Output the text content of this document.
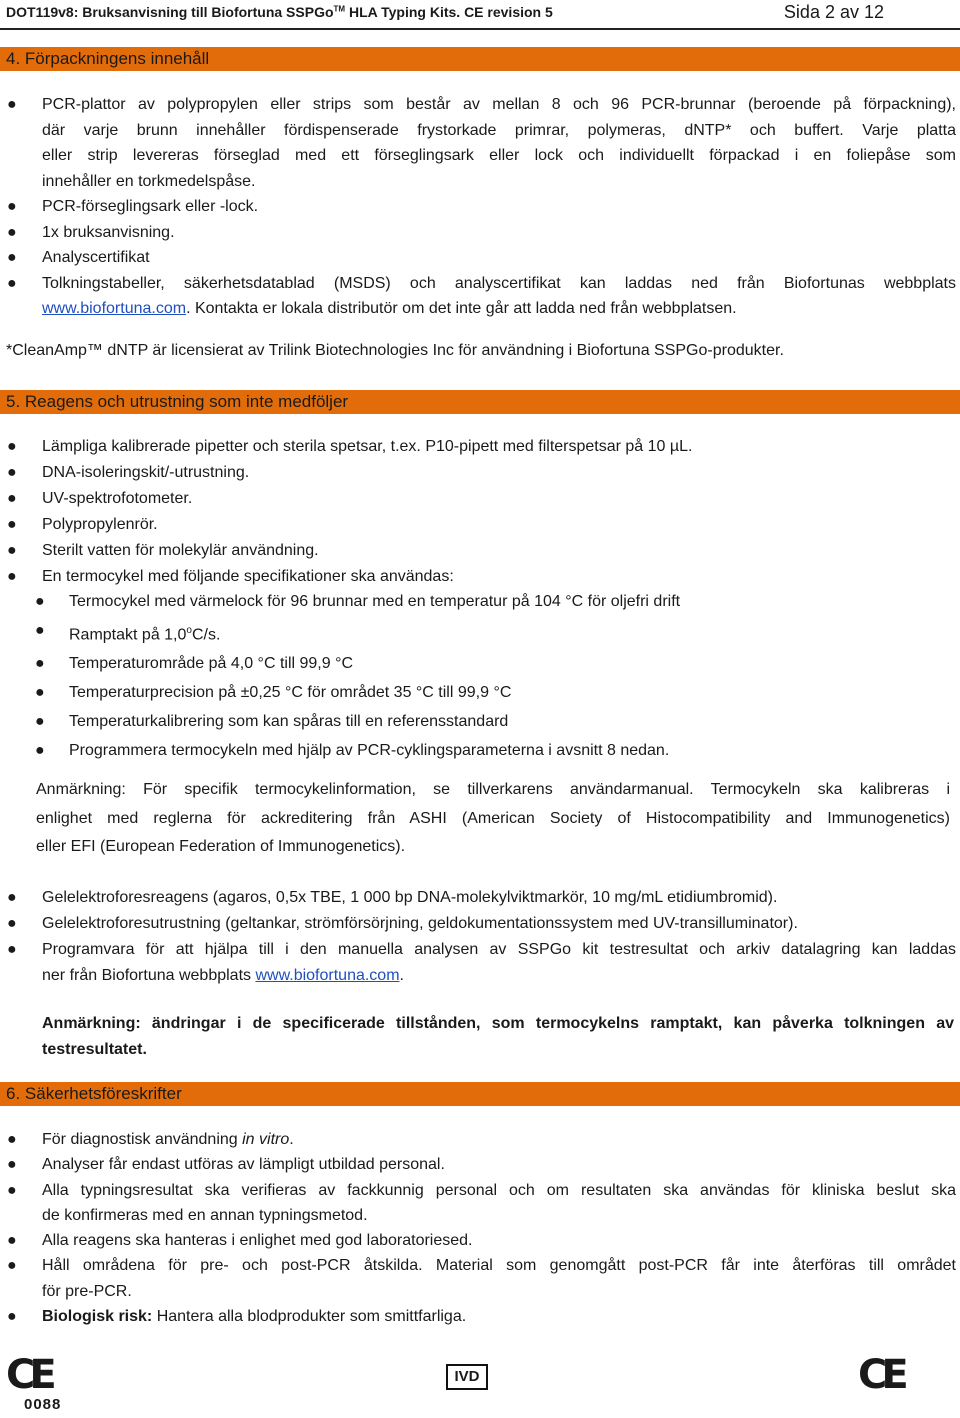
DOT119v8: Bruksanvisning till Biofortuna SSPGo™ HLA Typing Kits. CE revision 5	Sida 2 av 12
4. Förpackningens innehåll
● PCR-plattor av polypropylen eller strips som består av mellan 8 och 96 PCR-brunnar (beroende på förpackning),
där varje brunn innehåller fördispenserade frystorkade primrar, polymeras, dNTP* och buffert. Varje platta
eller strip levereras förseglad med ett förseglingsark eller lock och individuellt förpackad i en foliepåse som
innehåller en torkmedelspåse.
● PCR-förseglingsark eller -lock.
● 1x bruksanvisning.
● Analyscertifikat
● Tolkningstabeller, säkerhetsdatablad (MSDS) och analyscertifikat kan laddas ned från Biofortunas webbplats
www.biofortuna.com. Kontakta er lokala distributör om det inte går att ladda ned från webbplatsen.
*CleanAmp™ dNTP är licensierat av Trilink Biotechnologies Inc för användning i Biofortuna SSPGo-produkter.
5. Reagens och utrustning som inte medföljer
● Lämpliga kalibrerade pipetter och sterila spetsar, t.ex. P10-pipett med filterspetsar på 10 µL.
● DNA-isoleringskit/-utrustning.
● UV-spektrofotometer.
● Polypropylenrör.
● Sterilt vatten för molekylär användning.
● En termocykel med följande specifikationer ska användas:
● Termocykel med värmelock för 96 brunnar med en temperatur på 104 °C för oljefri drift
● Ramptakt på 1,0$^o$C/s.
● Temperaturområde på 4,0 °C till 99,9 °C
● Temperaturprecision på ±0,25 °C för området 35 °C till 99,9 °C
● Temperaturkalibrering som kan spåras till en referensstandard
● Programmera termocykeln med hjälp av PCR-cyklingsparameterna i avsnitt 8 nedan.
Anmärkning: För specifik termocykelinformation, se tillverkarens användarmanual. Termocykeln ska kalibreras i
enlighet med reglerna för ackreditering från ASHI (American Society of Histocompatibility and Immunogenetics)
eller EFI (European Federation of Immunogenetics).
● Gelelektroforesreagens (agaros, 0,5x TBE, 1 000 bp DNA-molekylviktmarkör, 10 mg/mL etidiumbromid).
● Gelelektroforesutrustning (geltankar, strömförsörjning, geldokumentationssystem med UV-transilluminator).
● Programvara för att hjälpa till i den manuella analysen av SSPGo kit testresultat och arkiv datalagring kan laddas
ner från Biofortuna webbplats www.biofortuna.com.
Anmärkning: ändringar i de specificerade tillstånden, som termocykelns ramptakt, kan påverka tolkningen av
testresultatet.
6. Säkerhetsföreskrifter
● För diagnostisk användning in vitro.
● Analyser får endast utföras av lämpligt utbildad personal.
● Alla typningsresultat ska verifieras av fackkunnig personal och om resultaten ska användas för kliniska beslut ska
de konfirmeras med en annan typningsmetod.
● Alla reagens ska hanteras i enlighet med god laboratoriesed.
● Håll områdena för pre- och post-PCR åtskilda. Material som genomgått post-PCR får inte återföras till området
för pre-PCR.
● Biologisk risk: Hantera alla blodprodukter som smittfarliga.
CE
0088
IVD	CE
